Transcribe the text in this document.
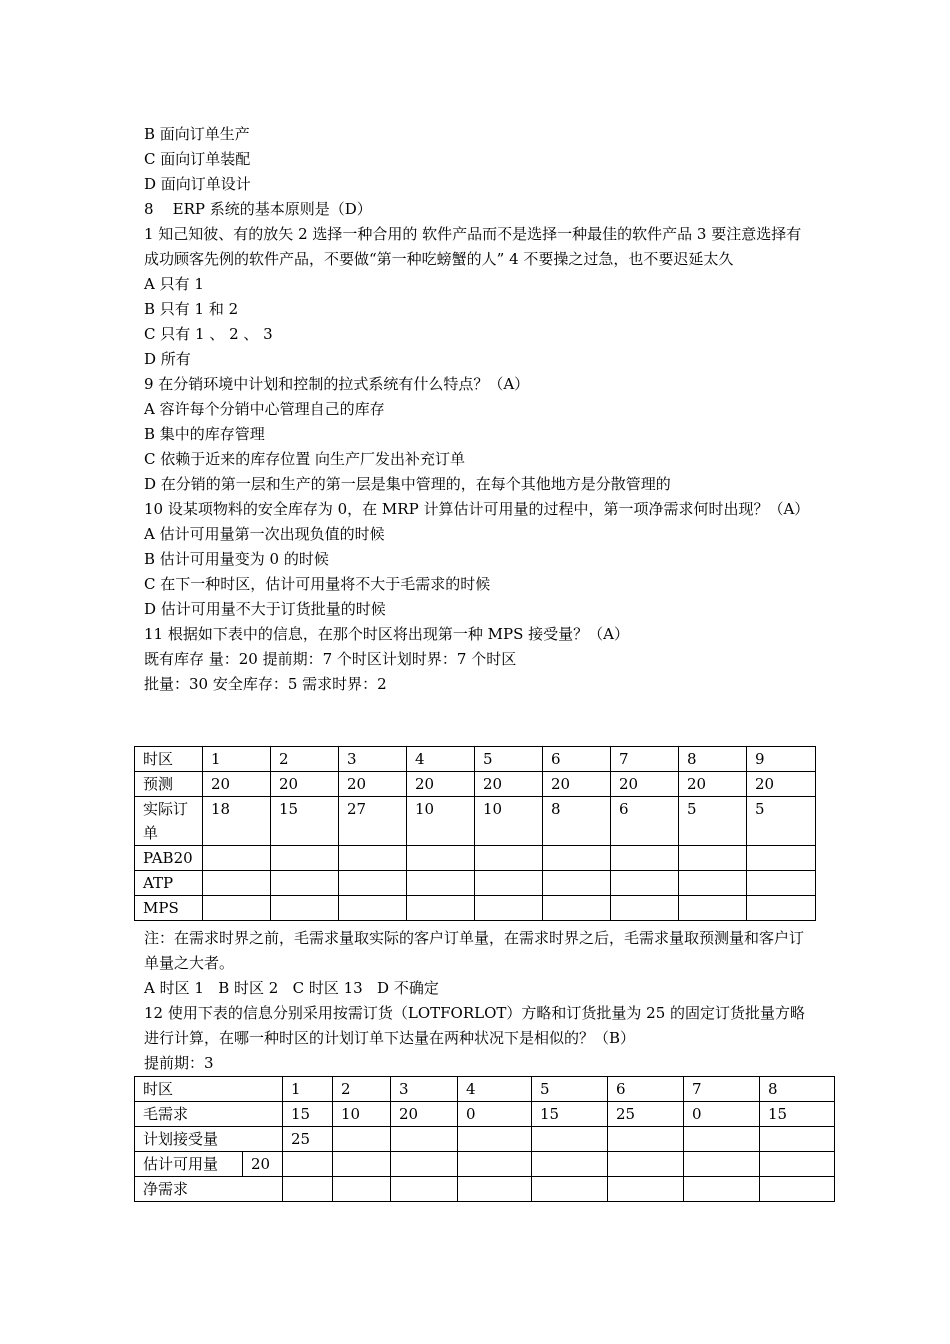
B 面向订单生产
C 面向订单装配
D 面向订单设计
8    ERP 系统的基本原则是（D）
1 知己知彼、有的放矢 2 选择一种合用的 软件产品而不是选择一种最佳的软件产品 3 要注意选择有成功顾客先例的软件产品，不要做“第一种吃螃蟹的人” 4 不要操之过急，也不要迟延太久
A 只有 1
B 只有 1 和 2
C 只有 1 、 2 、 3
D 所有
9 在分销环境中计划和控制的拉式系统有什么特点？（A）
A 容许每个分销中心管理自己的库存
B 集中的库存管理
C 依赖于近来的库存位置 向生产厂发出补充订单
D 在分销的第一层和生产的第一层是集中管理的，在每个其他地方是分散管理的
10 设某项物料的安全库存为 0，在 MRP 计算估计可用量的过程中，第一项净需求何时出现？（A）
A 估计可用量第一次出现负值的时候
B 估计可用量变为 0 的时候
C 在下一种时区，估计可用量将不大于毛需求的时候
D 估计可用量不大于订货批量的时候
11 根据如下表中的信息，在那个时区将出现第一种 MPS 接受量？（A）
既有库存 量：20 提前期：7 个时区计划时界：7 个时区
批量：30 安全库存：5 需求时界：2
时区	1	2	3	4	5	6	7	8	9
预测	20	20	20	20	20	20	20	20	20
实际订单	18	15	27	10	10	8	6	5	5
PAB20									
ATP									
MPS									
注：在需求时界之前，毛需求量取实际的客户订单量，在需求时界之后，毛需求量取预测量和客户订单量之大者。
A 时区 1   B 时区 2   C 时区 13   D 不确定
12 使用下表的信息分别采用按需订货（LOTFORLOT）方略和订货批量为 25 的固定订货批量方略进行计算，在哪一种时区的计划订单下达量在两种状况下是相似的？（B）
提前期：3
时区		1	2	3	4	5	6	7	8
毛需求		15	10	20	0	15	25	0	15
计划接受量		25							
估计可用量	20								
净需求									
